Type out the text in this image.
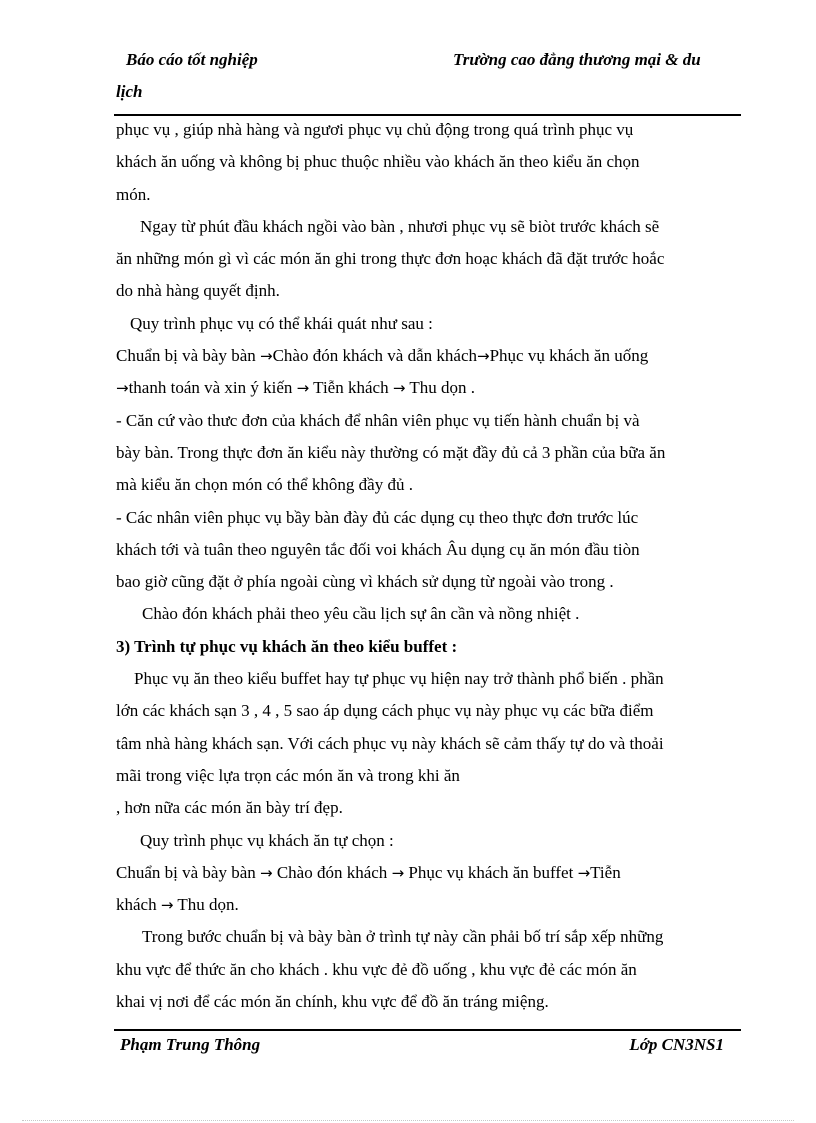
Báo cáo tốt nghiệp	Trường cao đẳng thương mại & du
lịch
phục vụ , giúp nhà hàng và ngươi phục vụ chủ động trong quá trình phục vụ
khách ăn uống và không bị phuc thuộc nhiều vào khách ăn theo kiểu ăn chọn
món.
Ngay từ phút đầu khách ngồi vào bàn , nhươi phục vụ sẽ biòt trước khách sẽ
ăn những món gì vì các món ăn ghi trong thực đơn hoạc khách đã đặt trước hoắc
do nhà hàng quyết định.
Quy trình phục vụ có thể khái quát như sau :
Chuẩn bị và bày bàn →Chào đón khách và dẫn khách→Phục vụ khách ăn uống
→thanh toán và xin ý kiến → Tiễn khách → Thu dọn .
- Căn cứ vào thưc đơn của khách để nhân viên phục vụ tiến hành chuẩn bị và
bày bàn. Trong thực đơn ăn kiểu này thường có mặt đầy đủ cả 3 phần của bữa ăn
mà kiểu ăn chọn món có thể không đầy đủ .
- Các nhân viên phục vụ bầy bàn đày đủ các dụng cụ theo thực đơn trước lúc
khách tới và tuân theo nguyên tắc đối voi khách Âu dụng cụ ăn món đầu tiòn
bao giờ cũng đặt ở phía ngoài cùng vì khách sử dụng từ ngoài vào trong .
Chào đón khách phải theo yêu cầu lịch sự ân cần và nồng nhiệt .
3) Trình tự phục vụ khách ăn theo kiểu buffet :
Phục vụ ăn theo kiểu buffet hay tự phục vụ hiện nay trở thành phổ biến . phần
lớn các khách sạn 3 , 4 , 5 sao áp dụng cách phục vụ này phục vụ các bữa điểm
tâm nhà hàng khách sạn. Với cách phục vụ này khách sẽ cảm thấy tự do và thoải
mãi trong việc lựa trọn các món ăn và trong khi ăn
, hơn nữa các món ăn bày trí đẹp.
Quy trình phục vụ khách ăn tự chọn :
Chuẩn bị và bày bàn → Chào đón khách → Phục vụ khách ăn buffet →Tiễn
khách → Thu dọn.
Trong bước chuẩn bị và bày bàn ở trình tự này cần phải bố trí sắp xếp những
khu vực để thức ăn cho khách . khu vực đẻ đồ uống , khu vực đẻ các món ăn
khai vị nơi để các món ăn chính, khu vực để đồ ăn tráng miệng.
Phạm Trung Thông	Lớp CN3NS1
